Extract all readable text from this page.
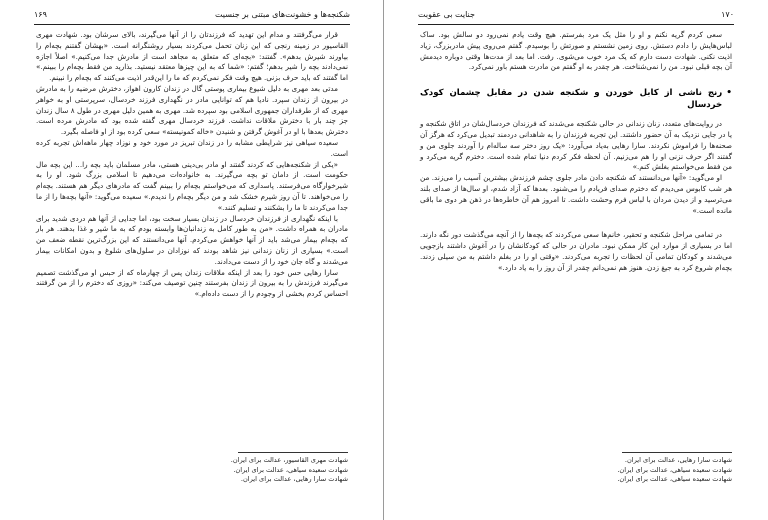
۱۶۹	شکنجه‌ها و خشونت‌های مبتنی بر جنسیت

قرار می‌گرفتند و مدام این تهدید که فرزندتان را از آنها می‌گیرند، بالای سرشان بود. شهادت مهری القاسیور در زمینه رنجی که این زنان تحمل می‌کردند بسیار روشنگرانه است. «بهشان گفتنم بچه‌ام را بیاورند شیرش بدهم». گفتند: «بچه‌ای که متعلق به مجاهد است از مادرش جدا می‌کنیم.» اصلاً اجازه نمی‌دادند بچه را شیر بدهم؛ گفتم: «شما که به این چیزها معتقد نیستید. بذارید من فقط بچه‌ام را ببینم.» اما گفتند که باید حرف بزنی. هیچ وقت فکر نمی‌کردم که ما را این‌قدر اذیت می‌کنند که بچه‌ام را نبینم.

مدتی بعد مهری به دلیل شیوع بیماری پوستی گال در زندان کارون اهواز، دخترش مرضیه را به مادرش در بیرون از زندان سپرد. نادیا هم که توانایی مادر در نگهداری فرزند خردسال، سرپرستی او به خواهر مهری که از طرفداران جمهوری اسلامی بود سپرده شد. مهری به همین دلیل مهری در طول ۸ سال زندان جز چند بار با دخترش ملاقات نداشت. فرزند خردسال مهری گفته شده بود که مادرش مرده است. دخترش بعدها با او در آغوش گرفتن و شنیدن «خاله کمونیسته» سعی کرده بود از او فاصله بگیرد.

سعیده سیاهی نیز شرایطی مشابه را در زندان تبریز در مورد خود و نوزاد چهار ماهه‌اش تجربه کرده است.

«یکی از شکنجه‌هایی که کردند گفتند او مادر بی‌دینی هستی، مادر مسلمان باید بچه را... این بچه مال حکومت است. از دامان تو بچه می‌گیرند. به خانواده‌ات می‌دهیم تا اسلامی بزرگ شود. او را به شیرخوارگاه می‌فرستند. پاسداری که می‌خواستم بچه‌ام را ببینم گفت که مادرهای دیگر هم هستند. بچه‌ام را می‌خواهند. تا آن روز شیرم خشک شد و من دیگر بچه‌ام را ندیدم.» سعیده می‌گوید: «آنها بچه‌ها را از ما جدا می‌کردند تا ما را بشکنند و تسلیم کنند.»

با اینکه نگهداری از فرزندان خردسال در زندان بسیار سخت بود، اما جدایی از آنها هم دردی شدید برای مادران به همراه داشت. «من به طور کامل به زندانبان‌ها وابسته بودم که به ما شیر و غذا بدهند. هر بار که بچه‌ام بیمار می‌شد باید از آنها خواهش می‌کردم. آنها می‌دانستند که این بزرگ‌ترین نقطه ضعف من است.» بسیاری از زنان زندانی نیز شاهد بودند که نوزادان در سلول‌های شلوغ و بدون امکانات بیمار می‌شدند و گاه جان خود را از دست می‌دادند.

سارا رهایی حس خود را بعد از اینکه ملاقات زندان پس از چهارماه که از حبس او می‌گذشت تصمیم می‌گیرند فرزندش را به بیرون از زندان بفرستند چنین توصیف می‌کند: «روزی که دخترم را از من گرفتند احساس کردم بخشی از وجودم را از دست داده‌ام.»

شهادت مهری القاسیور، عدالت برای ایران.
شهادت سعیده سیاهی، عدالت برای ایران.
شهادت سارا رهایی، عدالت برای ایران.
جنایت بی عقوبت	۱۷۰

سعی کردم گریه نکنم و او را مثل یک مرد بفرستم. هیچ وقت یادم نمی‌رود دو سالش بود. ساک لباس‌هایش را دادم دستش. روی زمین نشستم و صورتش را بوسیدم. گفتم می‌روی پیش مادربزرگ، زیاد اذیت نکنی. شهادت دست دارم که یک مرد خوب می‌شوی. رفت. اما بعد از مدت‌ها وقتی دوباره دیدمش آن بچه قبلی نبود. من را نمی‌شناخت. هر چقدر به او گفتم من مادرت هستم باور نمی‌کرد.

•
رنج ناشی از کابل خوردن و شکنجه شدن در مقابل چشمان کودک خردسال

در روایت‌های متعدد، زنان زندانی در حالی شکنجه می‌شدند که فرزندان خردسال‌شان در اتاق شکنجه و یا در جایی نزدیک به آن حضور داشتند. این تجربه فرزندان را به شاهدانی دردمند تبدیل می‌کرد که هرگز آن صحنه‌ها را فراموش نکردند. سارا رهایی به‌یاد می‌آورد: «یک روز دختر سه ساله‌ام را آوردند جلوی من و گفتند اگر حرف نزنی او را هم می‌زنیم. آن لحظه فکر کردم دنیا تمام شده است. دخترم گریه می‌کرد و من فقط می‌خواستم بغلش کنم.»

او می‌گوید: «آنها می‌دانستند که شکنجه دادن مادر جلوی چشم فرزندش بیشترین آسیب را می‌زند. من هر شب کابوس می‌دیدم که دخترم صدای فریادم را می‌شنود. بعدها که آزاد شدم، او سال‌ها از صدای بلند می‌ترسید و از دیدن مردان با لباس فرم وحشت داشت. تا امروز هم آن خاطره‌ها در ذهن هر دوی ما باقی مانده است.»

در تمامی مراحل شکنجه و تحقیر، خانم‌ها سعی می‌کردند که بچه‌ها را از آنچه می‌گذشت دور نگه دارند. اما در بسیاری از موارد این کار ممکن نبود. مادران در حالی که کودکانشان را در آغوش داشتند بازجویی می‌شدند و کودکان تمامی آن لحظات را تجربه می‌کردند. «وقتی او را در بغلم داشتم به من سیلی زدند. بچه‌ام شروع کرد به جیغ زدن. هنوز هم نمی‌دانم چقدر از آن روز را به یاد دارد.»

شهادت سارا رهایی، عدالت برای ایران.
شهادت سعیده سیاهی، عدالت برای ایران.
شهادت سعیده سیاهی، عدالت برای ایران.
